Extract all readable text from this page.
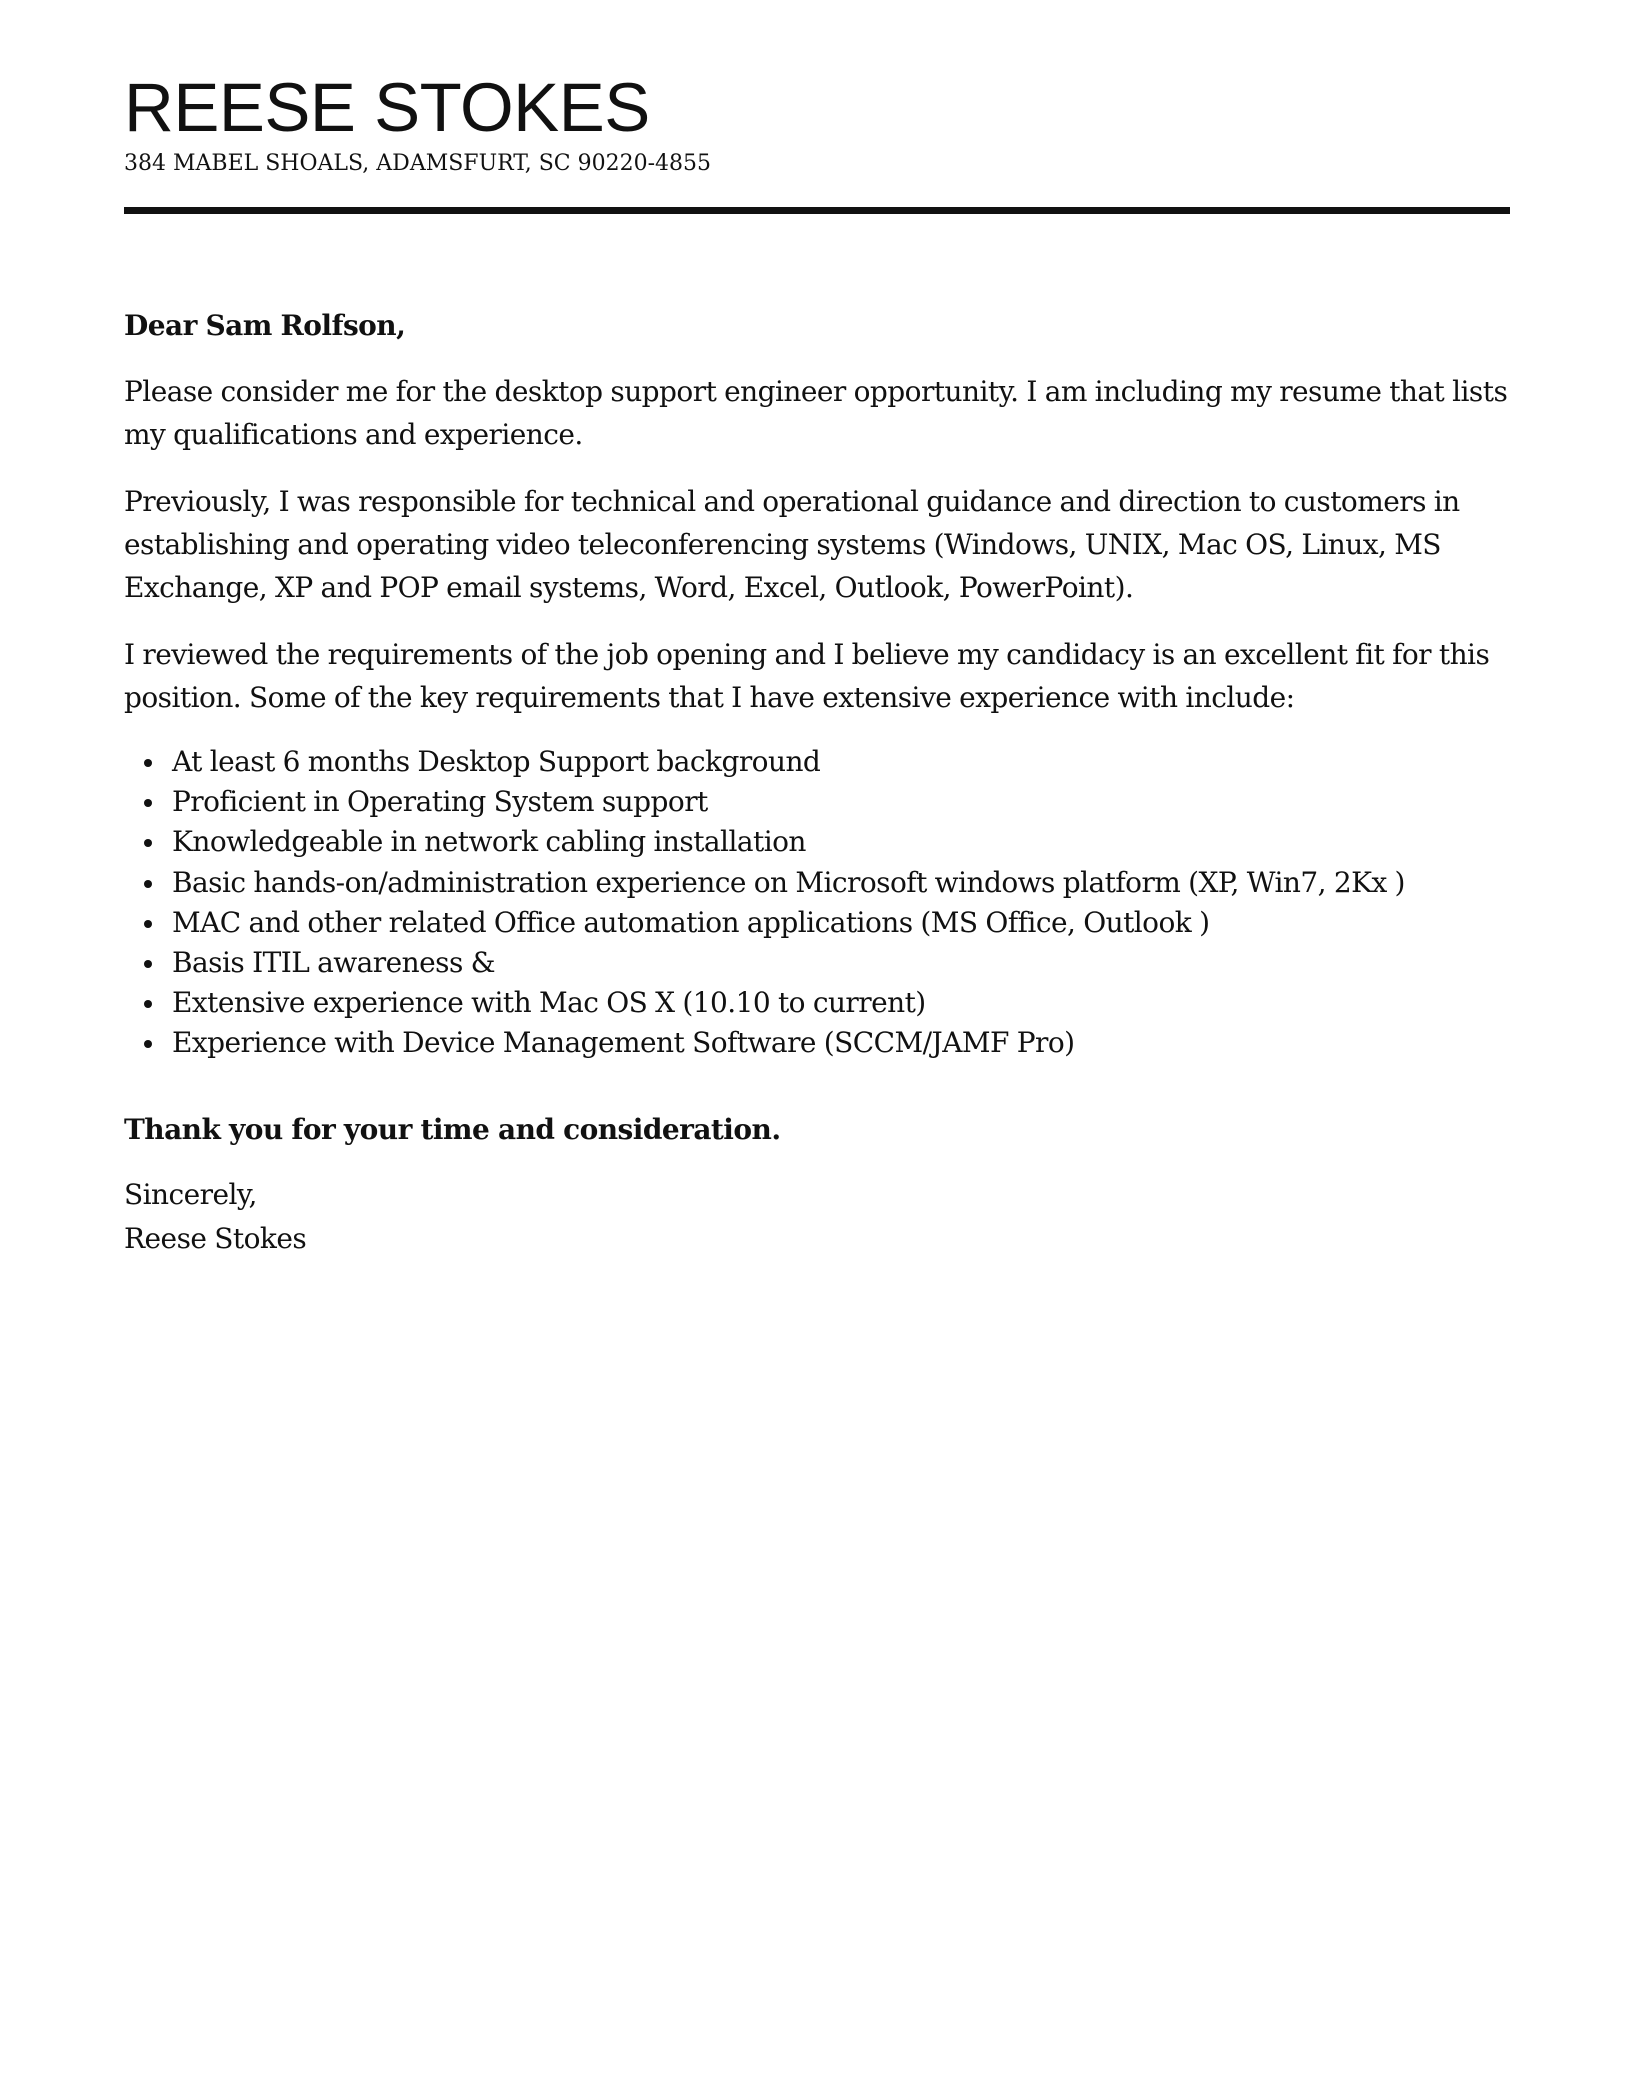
REESE STOKES
384 MABEL SHOALS, ADAMSFURT, SC 90220-4855
Dear Sam Rolfson,
Please consider me for the desktop support engineer opportunity. I am including my resume that lists my qualifications and experience.
Previously, I was responsible for technical and operational guidance and direction to customers in establishing and operating video teleconferencing systems (Windows, UNIX, Mac OS, Linux, MS Exchange, XP and POP email systems, Word, Excel, Outlook, PowerPoint).
I reviewed the requirements of the job opening and I believe my candidacy is an excellent fit for this position. Some of the key requirements that I have extensive experience with include:
At least 6 months Desktop Support background
Proficient in Operating System support
Knowledgeable in network cabling installation
Basic hands-on/administration experience on Microsoft windows platform (XP, Win7, 2Kx )
MAC and other related Office automation applications (MS Office, Outlook )
Basis ITIL awareness &
Extensive experience with Mac OS X (10.10 to current)
Experience with Device Management Software (SCCM/JAMF Pro)
Thank you for your time and consideration.
Sincerely,
Reese Stokes
